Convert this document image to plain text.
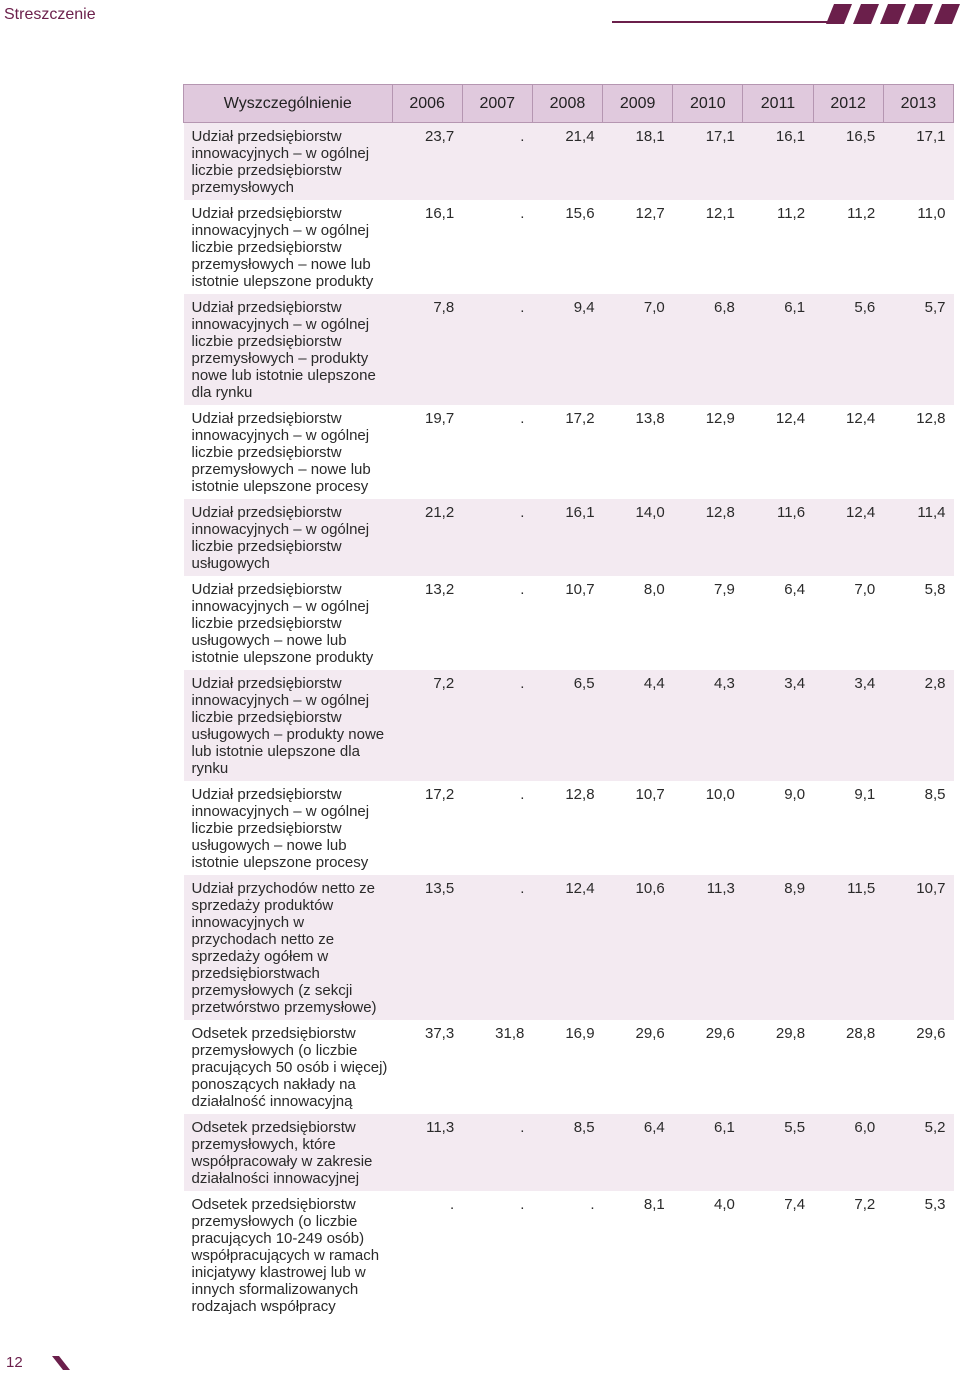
Streszczenie
Wyszczególnienie	2006	2007	2008	2009	2010	2011	2012	2013
Udział przedsiębiorstw innowacyjnych – w ogólnej liczbie przedsiębiorstw przemysłowych	23,7	.	21,4	18,1	17,1	16,1	16,5	17,1
Udział przedsiębiorstw innowacyjnych – w ogólnej liczbie przedsiębiorstw przemysłowych – nowe lub istotnie ulepszone produkty	16,1	.	15,6	12,7	12,1	11,2	11,2	11,0
Udział przedsiębiorstw innowacyjnych – w ogólnej liczbie przedsiębiorstw przemysłowych – produkty nowe lub istotnie ulepszone dla rynku	7,8	.	9,4	7,0	6,8	6,1	5,6	5,7
Udział przedsiębiorstw innowacyjnych – w ogólnej liczbie przedsiębiorstw przemysłowych – nowe lub istotnie ulepszone procesy	19,7	.	17,2	13,8	12,9	12,4	12,4	12,8
Udział przedsiębiorstw innowacyjnych – w ogólnej liczbie przedsiębiorstw usługowych	21,2	.	16,1	14,0	12,8	11,6	12,4	11,4
Udział przedsiębiorstw innowacyjnych – w ogólnej liczbie przedsiębiorstw usługowych – nowe lub istotnie ulepszone produkty	13,2	.	10,7	8,0	7,9	6,4	7,0	5,8
Udział przedsiębiorstw innowacyjnych – w ogólnej liczbie przedsiębiorstw usługowych – produkty nowe lub istotnie ulepszone dla rynku	7,2	.	6,5	4,4	4,3	3,4	3,4	2,8
Udział przedsiębiorstw innowacyjnych – w ogólnej liczbie przedsiębiorstw usługowych – nowe lub istotnie ulepszone procesy	17,2	.	12,8	10,7	10,0	9,0	9,1	8,5
Udział przychodów netto ze sprzedaży produktów innowacyjnych w przychodach netto ze sprzedaży ogółem w przedsiębiorstwach przemysłowych (z sekcji przetwórstwo przemysłowe)	13,5	.	12,4	10,6	11,3	8,9	11,5	10,7
Odsetek przedsiębiorstw przemysłowych (o liczbie pracujących 50 osób i więcej) ponoszących nakłady na działalność innowacyjną	37,3	31,8	16,9	29,6	29,6	29,8	28,8	29,6
Odsetek przedsiębiorstw przemysłowych, które współpracowały w zakresie działalności innowacyjnej	11,3	.	8,5	6,4	6,1	5,5	6,0	5,2
Odsetek przedsiębiorstw przemysłowych (o liczbie pracujących 10-249 osób) współpracujących w ramach inicjatywy klastrowej lub w innych sformalizowanych rodzajach współpracy	.	.	.	8,1	4,0	7,4	7,2	5,3
12
